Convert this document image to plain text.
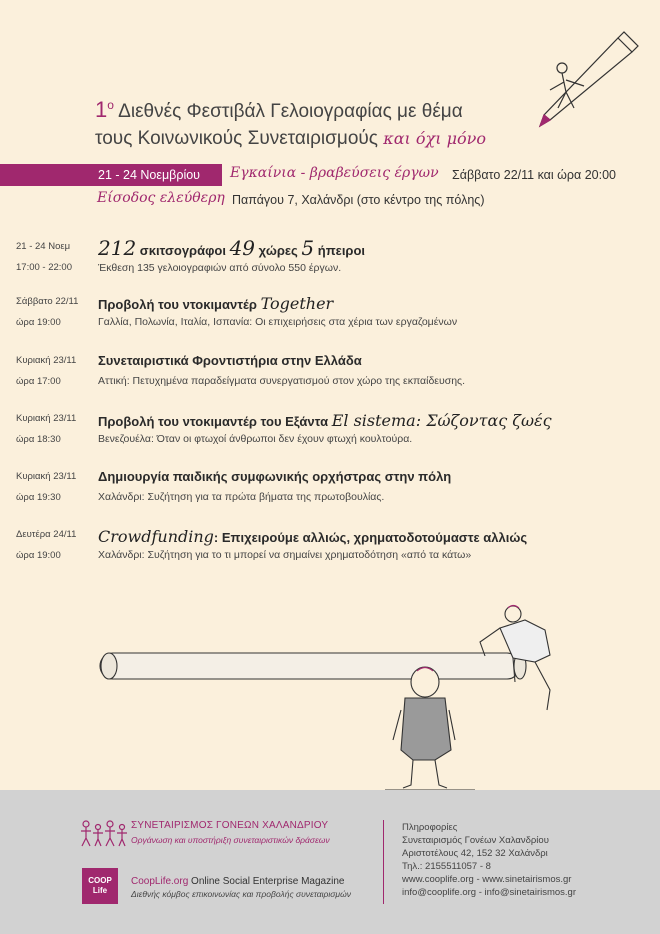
$1^o$ Διεθνές Φεστιβάλ Γελοιογραφίας με θέμα
τους Κοινωνικούς Συνεταιρισμούς και όχι μόνο
21 - 24 Νοεμβρίου	Εγκαίνια - βραβεύσεις έργων Σάββατο 22/11 και ώρα 20:00
Είσοδος ελεύθερη Παπάγου 7, Χαλάνδρι (στο κέντρο της πόλης)
21 - 24 Νοεμ
17:00 - 22:00
212 σκιτσογράφοι 49 χώρες 5 ήπειροι
Έκθεση 135 γελοιογραφιών από σύνολο 550 έργων.
Σάββατο 22/11
ώρα 19:00
Προβολή του ντοκιμαντέρ Together
Γαλλία, Πολωνία, Ιταλία, Ισπανία: Οι επιχειρήσεις στα χέρια των εργαζομένων
Κυριακή 23/11
ώρα 17:00
Συνεταιριστικά Φροντιστήρια στην Ελλάδα
Αττική: Πετυχημένα παραδείγματα συνεργατισμού στον χώρο της εκπαίδευσης.
Κυριακή 23/11
ώρα 18:30
Προβολή του ντοκιμαντέρ του Εξάντα El sistema: Σώζοντας ζωές
Βενεζουέλα: Όταν οι φτωχοί άνθρωποι δεν έχουν φτωχή κουλτούρα.
Κυριακή 23/11
ώρα 19:30
Δημιουργία παιδικής συμφωνικής ορχήστρας στην πόλη
Χαλάνδρι: Συζήτηση για τα πρώτα βήματα της πρωτοβουλίας.
Δευτέρα 24/11
ώρα 19:00
Crowdfunding: Επιχειρούμε αλλιώς, χρηματοδοτούμαστε αλλιώς
Χαλάνδρι: Συζήτηση για το τι μπορεί να σημαίνει χρηματοδότηση «από τα κάτω»
ΣΥΝΕΤΑΙΡΙΣΜΟΣ ΓΟΝΕΩΝ ΧΑΛΑΝΔΡΙΟΥ
Οργάνωση και υποστήριξη συνεταιριστικών δράσεων
COOP Life
CoopLife.org Online Social Enterprise Magazine
Διεθνής κόμβος επικοινωνίας και προβολής συνεταιρισμών
Πληροφορίες
Συνεταιρισμός Γονέων Χαλανδρίου
Αριστοτέλους 42, 152 32 Χαλάνδρι
Τηλ.: 2155511057 - 8
www.cooplife.org - www.sinetairismos.gr
info@cooplife.org - info@sinetairismos.gr
